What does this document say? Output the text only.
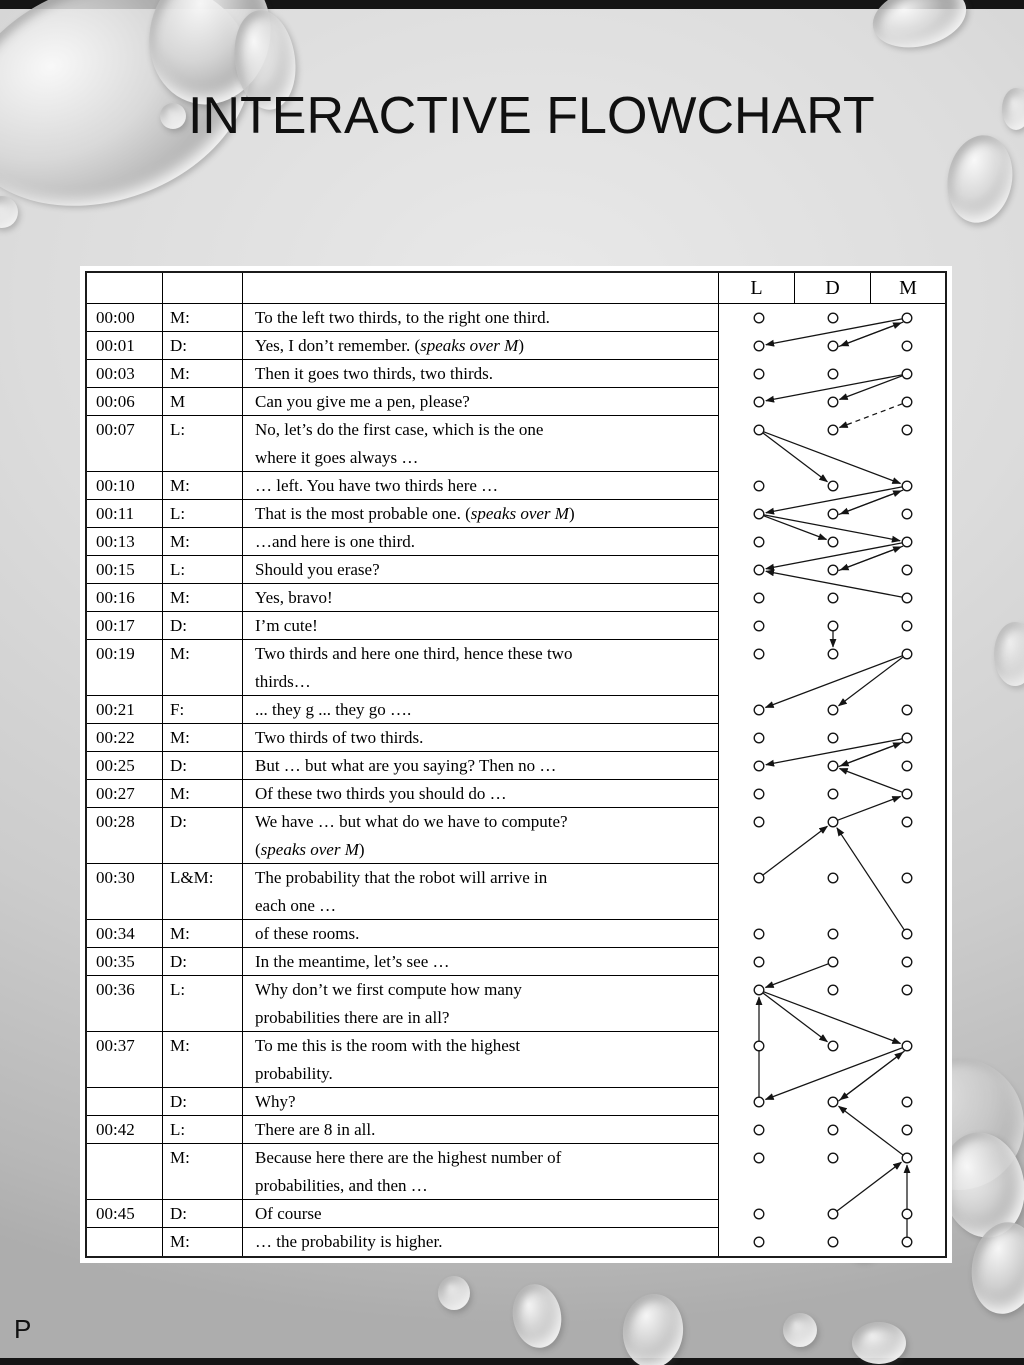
INTERACTIVE FLOWCHART
L	D	M
00:00	M:	To the left two thirds, to the right one third.
00:01	D:	Yes, I don’t remember. (speaks over M)
00:03	M:	Then it goes two thirds, two thirds.
00:06	M	Can you give me a pen, please?
00:07	L:	No, let’s do the first case, which is the one
where it goes always …
00:10	M:	… left. You have two thirds here …
00:11	L:	That is the most probable one. (speaks over M)
00:13	M:	…and here is one third.
00:15	L:	Should you erase?
00:16	M:	Yes, bravo!
00:17	D:	I’m cute!
00:19	M:	Two thirds and here one third, hence these two
thirds…
00:21	F:	... they g ... they go ….
00:22	M:	Two thirds of two thirds.
00:25	D:	But … but what are you saying? Then no …
00:27	M:	Of these two thirds you should do …
00:28	D:	We have … but what do we have to compute?
(speaks over M)
00:30	L&M:	The probability that the robot will arrive in
each one …
00:34	M:	of these rooms.
00:35	D:	In the meantime, let’s see …
00:36	L:	Why don’t we first compute how many
probabilities there are in all?
00:37	M:	To me this is the room with the highest
probability.
D:	Why?
00:42	L:	There are 8 in all.
M:	Because here there are the highest number of
probabilities, and then …
00:45	D:	Of course
M:	… the probability is higher.
P
